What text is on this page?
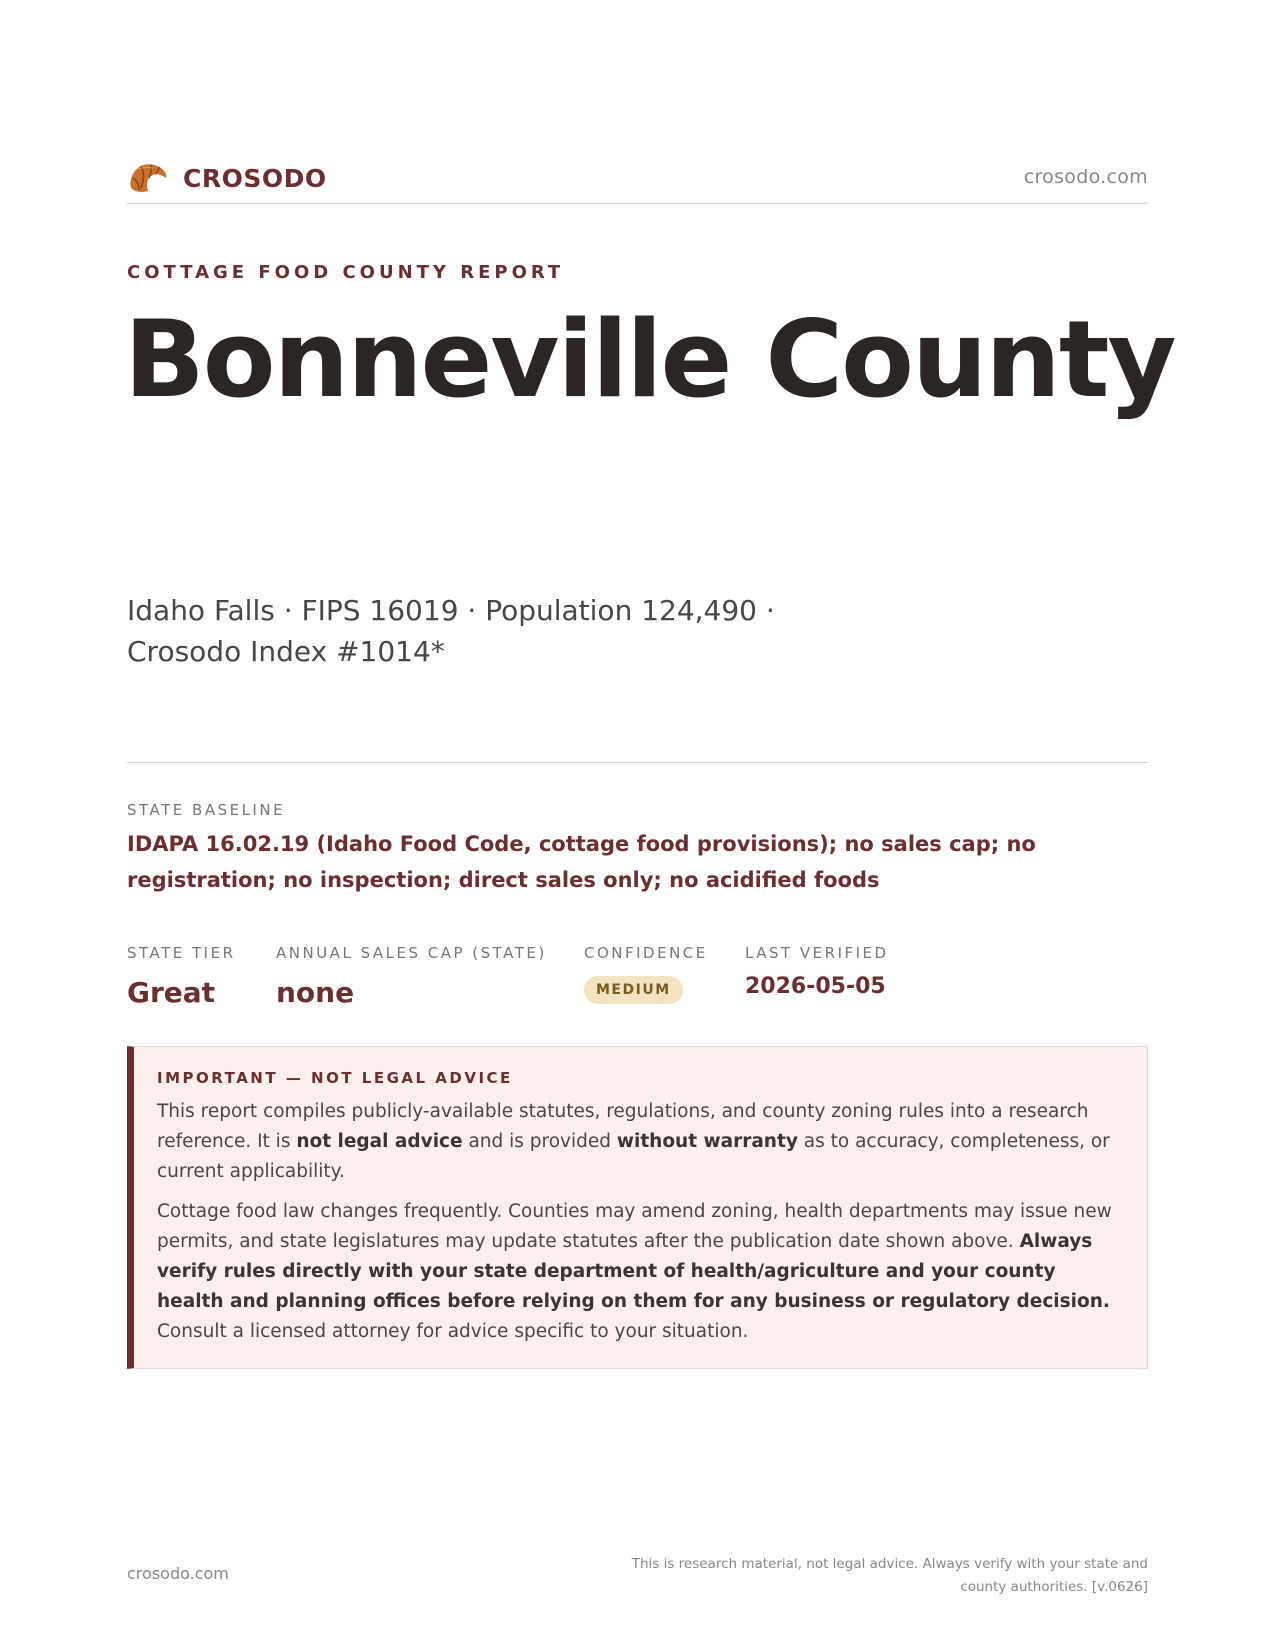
CROSODO	crosodo.com
COTTAGE FOOD COUNTY REPORT
Bonneville County
Idaho Falls · FIPS 16019 · Population 124,490 · Crosodo Index #1014*
STATE BASELINE
IDAPA 16.02.19 (Idaho Food Code, cottage food provisions); no sales cap; no registration; no inspection; direct sales only; no acidified foods
STATE TIER
Great
ANNUAL SALES CAP (STATE)
none
CONFIDENCE
MEDIUM
LAST VERIFIED
2026-05-05
IMPORTANT — NOT LEGAL ADVICE

This report compiles publicly-available statutes, regulations, and county zoning rules into a research reference. It is not legal advice and is provided without warranty as to accuracy, completeness, or current applicability.

Cottage food law changes frequently. Counties may amend zoning, health departments may issue new permits, and state legislatures may update statutes after the publication date shown above. Always verify rules directly with your state department of health/agriculture and your county health and planning offices before relying on them for any business or regulatory decision. Consult a licensed attorney for advice specific to your situation.

crosodo.com	This is research material, not legal advice. Always verify with your state and county authorities. [v.0626]
